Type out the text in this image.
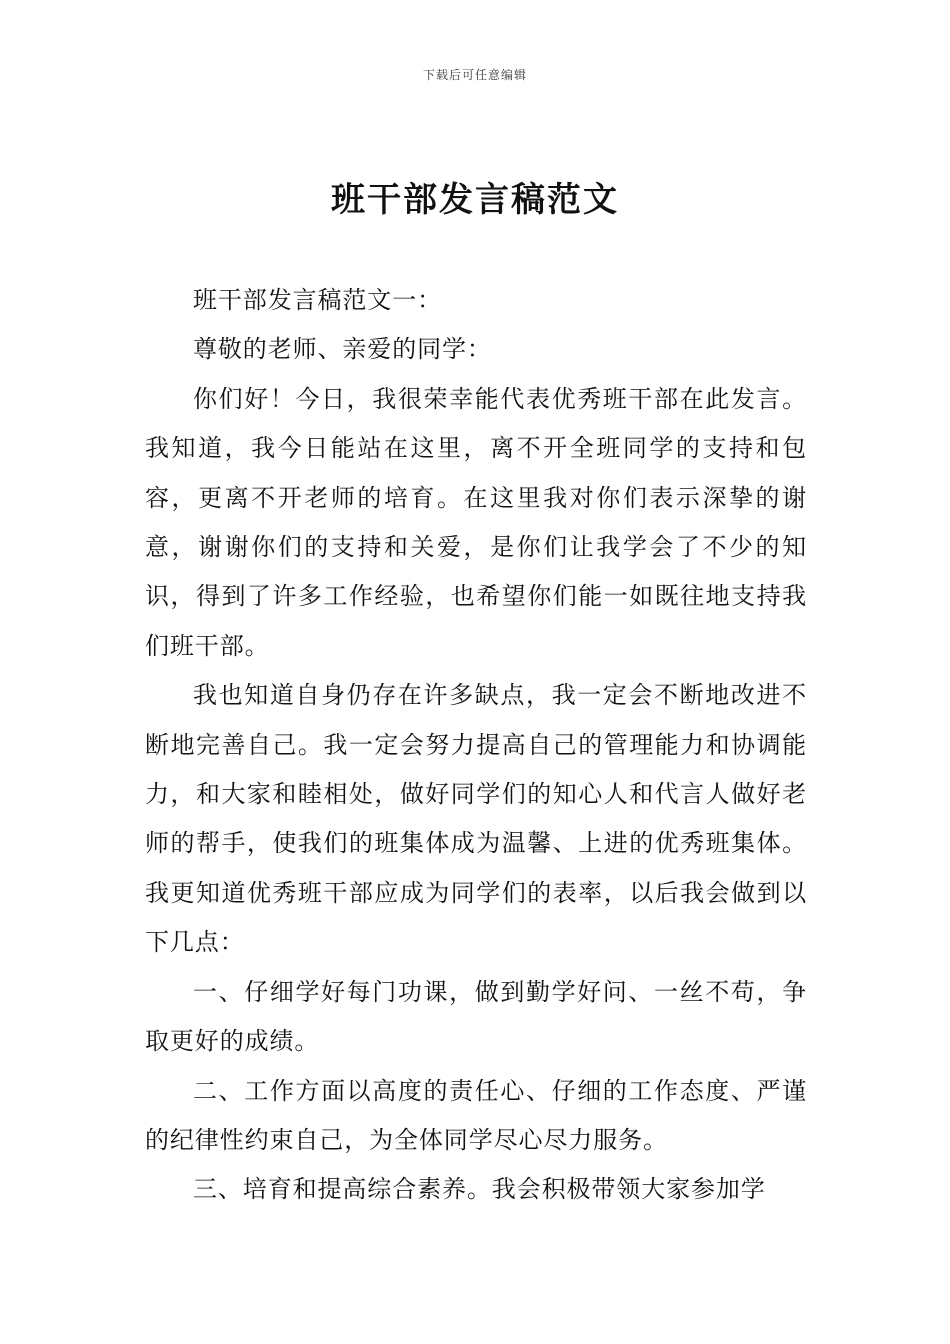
下载后可任意编辑
班干部发言稿范文

班干部发言稿范文一：

尊敬的老师、亲爱的同学：

你们好！今日，我很荣幸能代表优秀班干部在此发言。我知道，我今日能站在这里，离不开全班同学的支持和包容，更离不开老师的培育。在这里我对你们表示深挚的谢意，谢谢你们的支持和关爱，是你们让我学会了不少的知识，得到了许多工作经验，也希望你们能一如既往地支持我们班干部。

我也知道自身仍存在许多缺点，我一定会不断地改进不断地完善自己。我一定会努力提高自己的管理能力和协调能力，和大家和睦相处，做好同学们的知心人和代言人做好老师的帮手，使我们的班集体成为温馨、上进的优秀班集体。我更知道优秀班干部应成为同学们的表率，以后我会做到以下几点：

一、仔细学好每门功课，做到勤学好问、一丝不苟，争取更好的成绩。

二、工作方面以高度的责任心、仔细的工作态度、严谨的纪律性约束自己，为全体同学尽心尽力服务。

三、培育和提高综合素养。我会积极带领大家参加学
